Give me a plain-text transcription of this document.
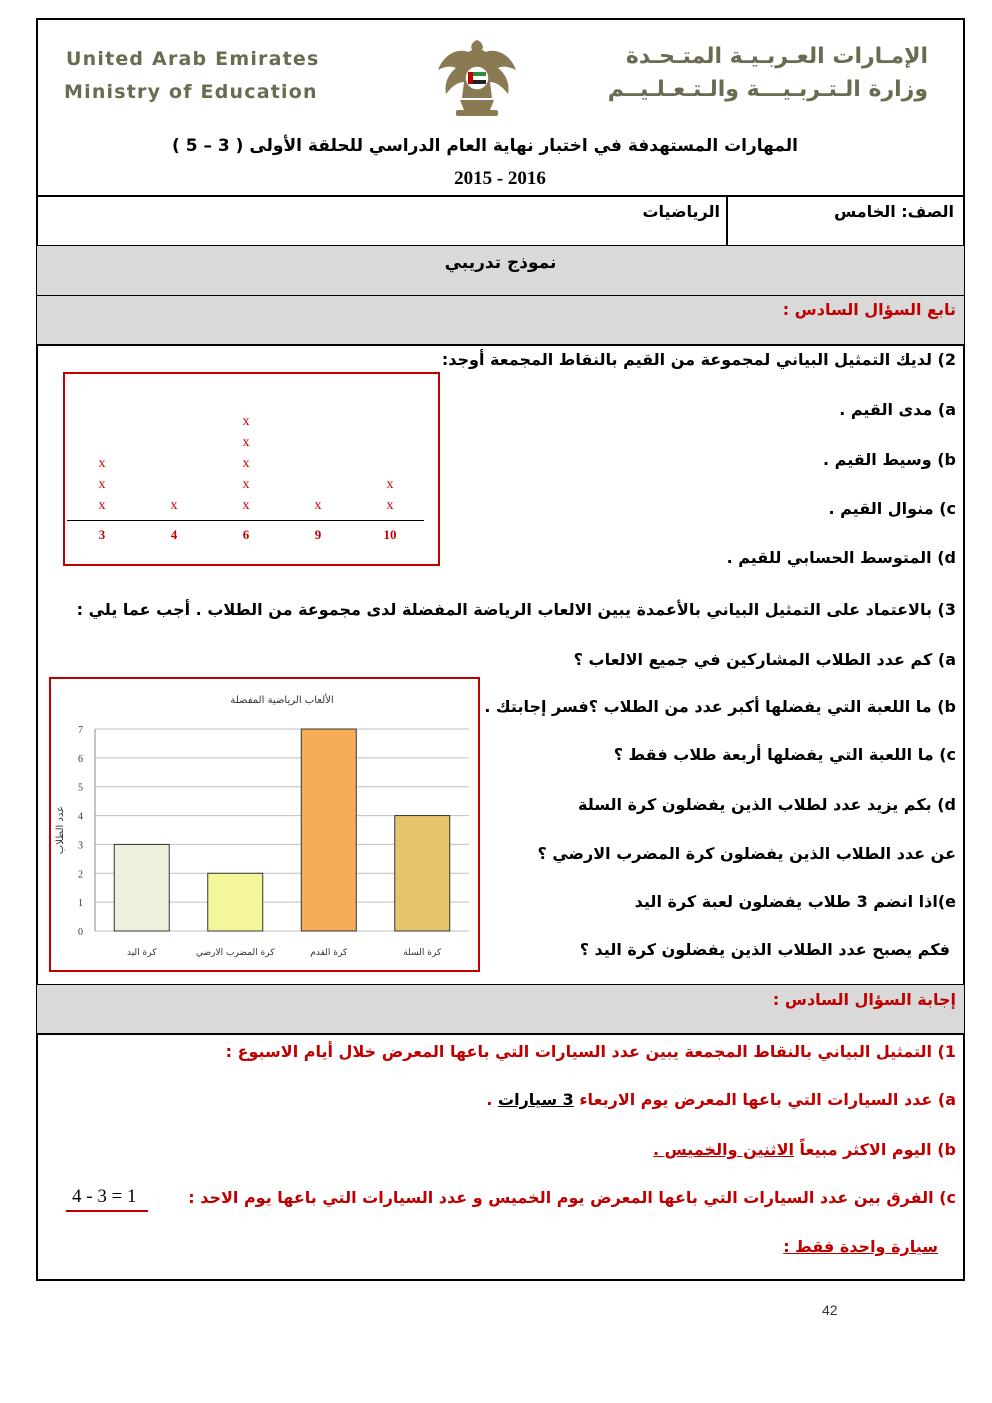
United Arab Emirates
Ministry of Education
الإمـارات العـربـيـة المتـحـدة
وزارة الـتـربـيـــة والـتـعـلـيــم
المهارات المستهدفة في اختبار نهاية العام الدراسي للحلقة الأولى ( 3 – 5 )
2015 - 2016
الصف: الخامس
الرياضيات
نموذج تدريبي
تابع السؤال السادس :
2) لديك التمثيل البياني لمجموعة من القيم بالنقاط المجمعة أوجد:
a) مدى القيم .
b) وسيط القيم .
c) منوال القيم .
d) المتوسط الحسابي للقيم .
x
x
x
3
x
4
x
x
x
x
x
6
x
9
x
x
10
3) بالاعتماد على التمثيل البياني بالأعمدة يبين الالعاب الرياضة المفضلة لدى مجموعة من الطلاب . أجب عما يلي :
a) كم عدد الطلاب المشاركين في جميع الالعاب ؟
b) ما اللعبة التي يفضلها أكبر عدد من الطلاب ؟فسر إجابتك .
c) ما اللعبة التي يفضلها أربعة طلاب فقط ؟
d) بكم يزيد عدد لطلاب الذين يفضلون كرة السلة
عن عدد الطلاب الذين يفضلون كرة المضرب الارضي ؟
e)اذا انضم 3 طلاب يفضلون لعبة كرة اليد
فكم يصبح عدد الطلاب الذين يفضلون كرة اليد ؟
الألعاب الرياضية المفضلة
0
1
2
3
4
5
6
7
عدد الطلاب
كرة اليد	كرة المضرب الارضي	كرة القدم	كرة السلة
إجابة السؤال السادس :
1) التمثيل البياني بالنقاط المجمعة يبين عدد السيارات التي باعها المعرض خلال أيام الاسبوع :
a) عدد السيارات التي باعها المعرض يوم الاربعاء 3 سيارات .
b) اليوم الاكثر مبيعاً الاثنين والخميس .
c) الفرق بين عدد السيارات التي باعها المعرض يوم الخميس و عدد السيارات التي باعها يوم الاحد :
4 - 3 = 1
سيارة واحدة فقط :
42
